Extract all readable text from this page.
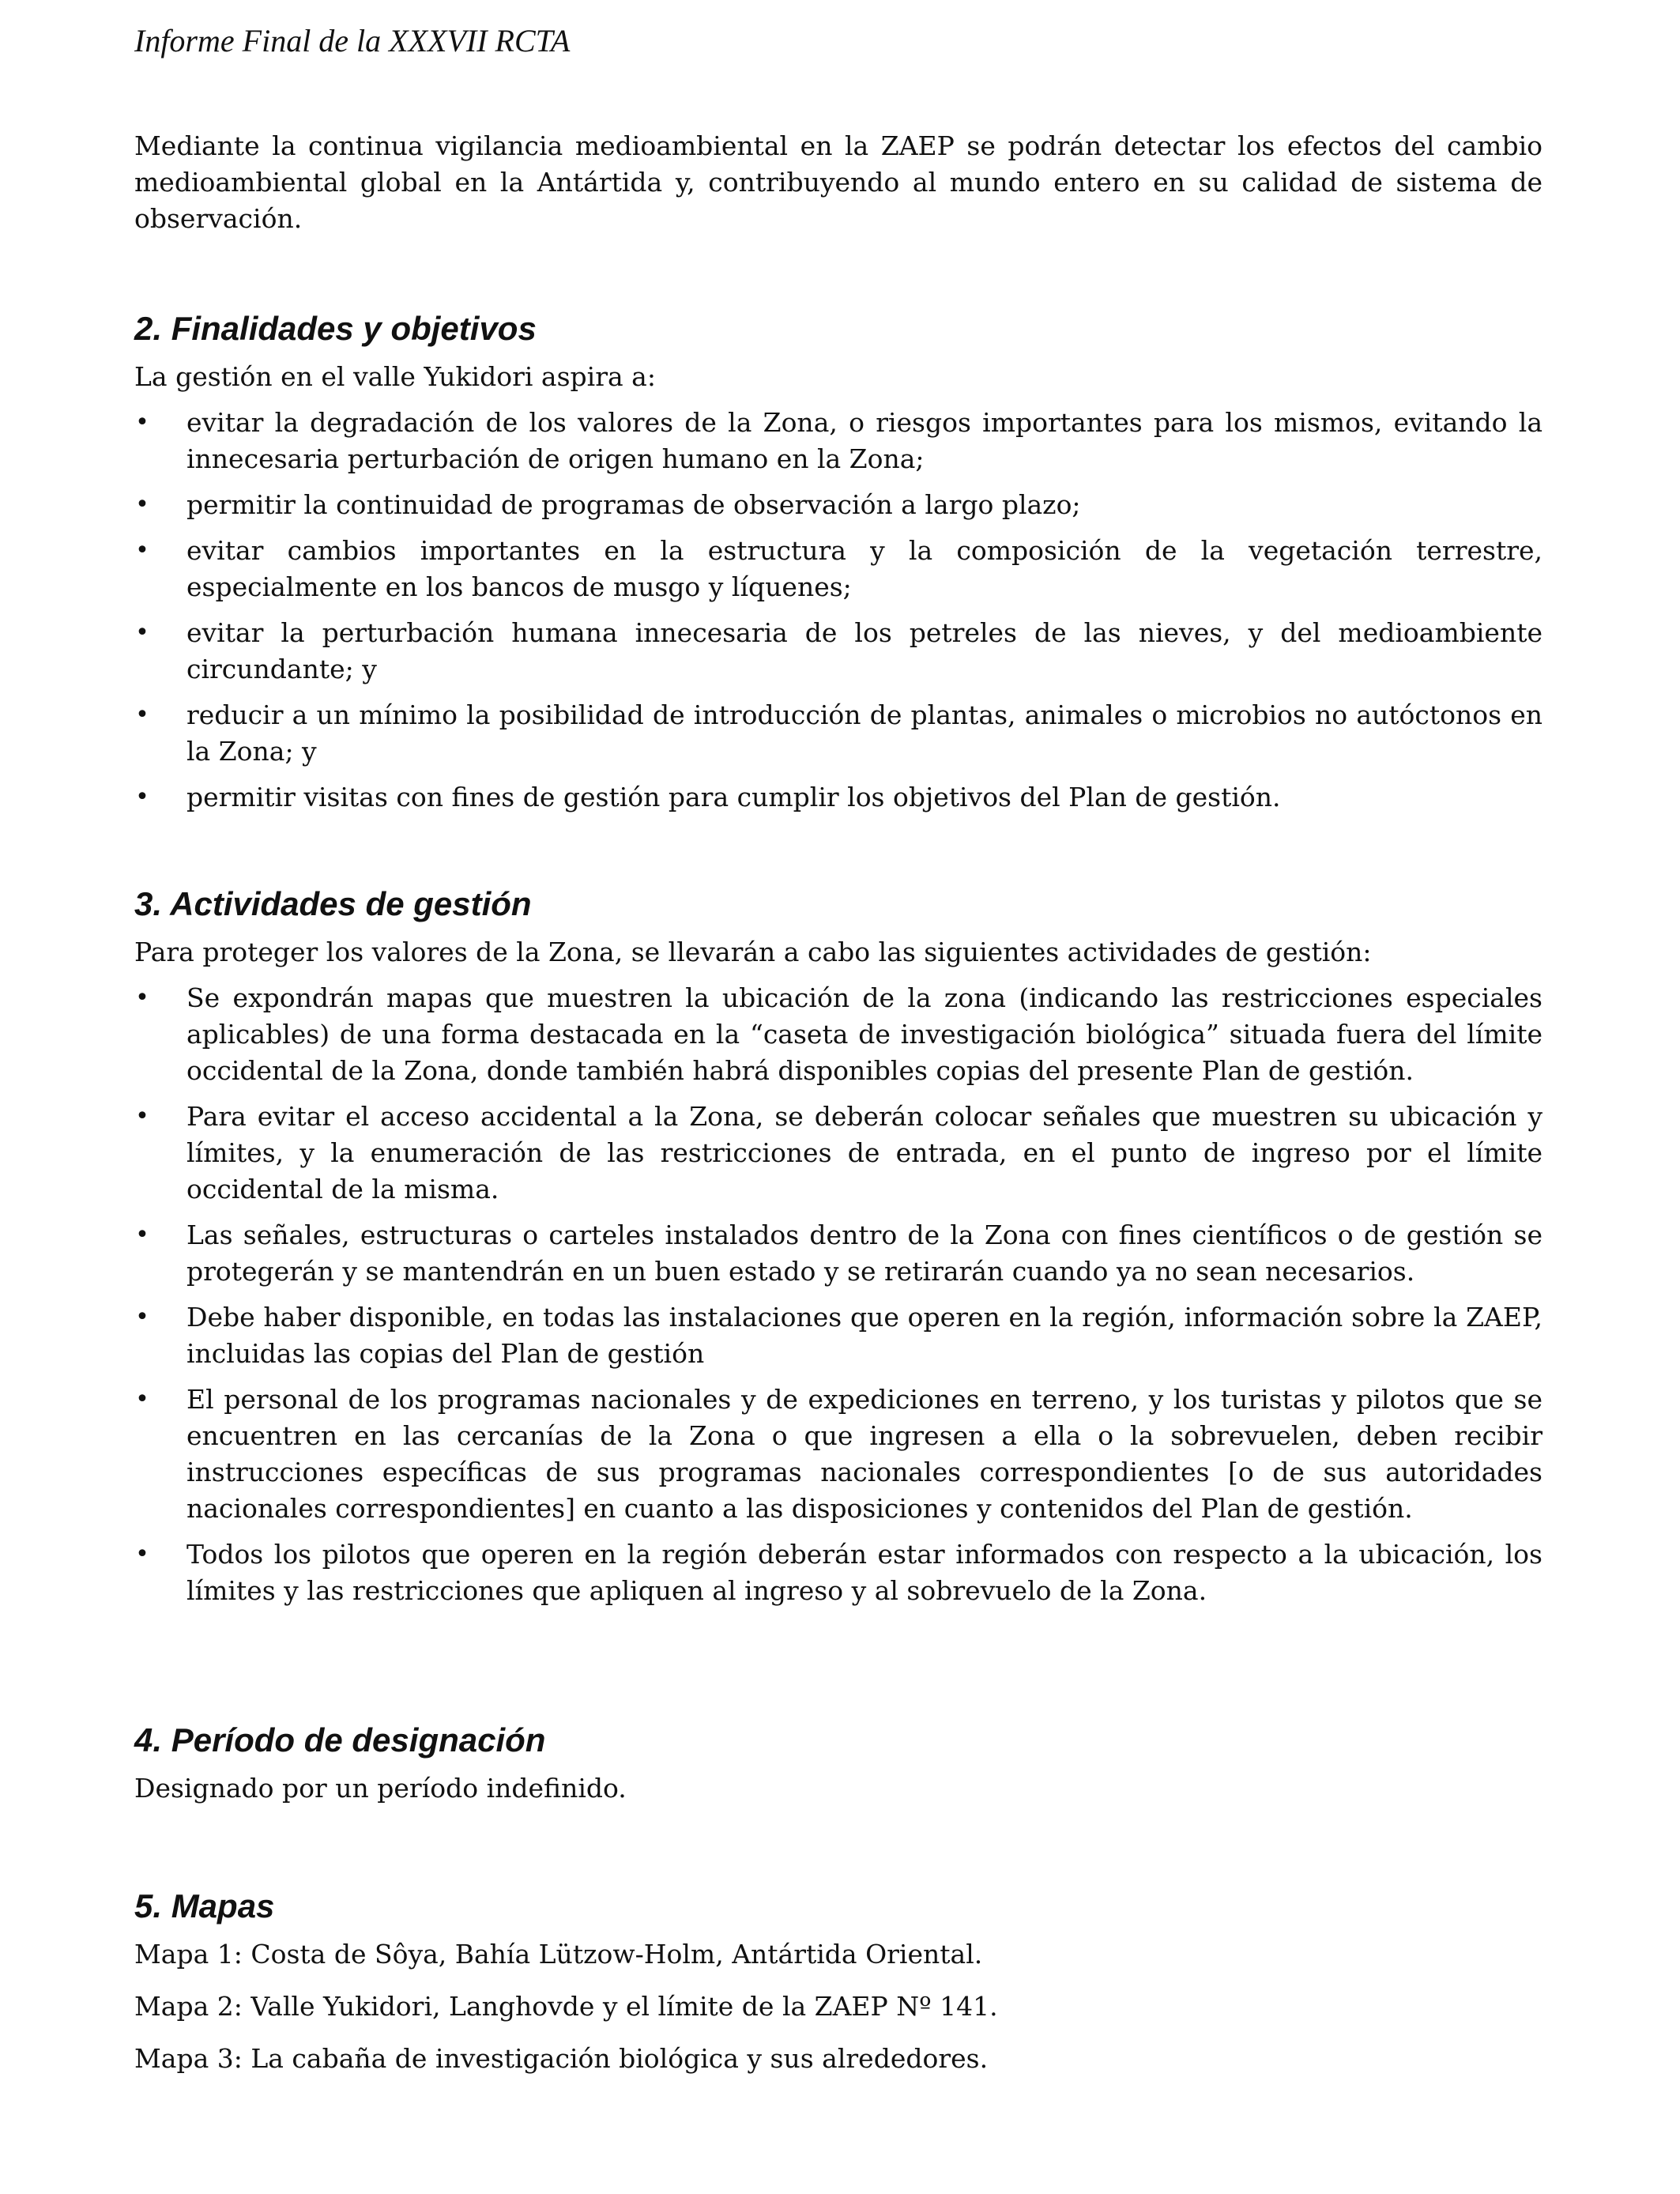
Informe Final de la XXXVII RCTA

Mediante la continua vigilancia medioambiental en la ZAEP se podrán detectar los efectos del cambio medioambiental global en la Antártida y, contribuyendo al mundo entero en su calidad de sistema de observación.

2. Finalidades y objetivos

La gestión en el valle Yukidori aspira a:

• evitar la degradación de los valores de la Zona, o riesgos importantes para los mismos, evitando la innecesaria perturbación de origen humano en la Zona;
• permitir la continuidad de programas de observación a largo plazo;
• evitar cambios importantes en la estructura y la composición de la vegetación terrestre, especialmente en los bancos de musgo y líquenes;
• evitar la perturbación humana innecesaria de los petreles de las nieves, y del medioambiente circundante; y
• reducir a un mínimo la posibilidad de introducción de plantas, animales o microbios no autóctonos en la Zona; y
• permitir visitas con fines de gestión para cumplir los objetivos del Plan de gestión.
3. Actividades de gestión

Para proteger los valores de la Zona, se llevarán a cabo las siguientes actividades de gestión:

• Se expondrán mapas que muestren la ubicación de la zona (indicando las restricciones especiales aplicables) de una forma destacada en la “caseta de investigación biológica” situada fuera del límite occidental de la Zona, donde también habrá disponibles copias del presente Plan de gestión.
• Para evitar el acceso accidental a la Zona, se deberán colocar señales que muestren su ubicación y límites, y la enumeración de las restricciones de entrada, en el punto de ingreso por el límite occidental de la misma.
• Las señales, estructuras o carteles instalados dentro de la Zona con fines científicos o de gestión se protegerán y se mantendrán en un buen estado y se retirarán cuando ya no sean necesarios.
• Debe haber disponible, en todas las instalaciones que operen en la región, información sobre la ZAEP, incluidas las copias del Plan de gestión
• El personal de los programas nacionales y de expediciones en terreno, y los turistas y pilotos que se encuentren en las cercanías de la Zona o que ingresen a ella o la sobrevuelen, deben recibir instrucciones específicas de sus programas nacionales correspondientes [o de sus autoridades nacionales correspondientes] en cuanto a las disposiciones y contenidos del Plan de gestión.
• Todos los pilotos que operen en la región deberán estar informados con respecto a la ubicación, los límites y las restricciones que apliquen al ingreso y al sobrevuelo de la Zona.
4. Período de designación

Designado por un período indefinido.

5. Mapas

Mapa 1: Costa de Sôya, Bahía Lützow-Holm, Antártida Oriental.

Mapa 2: Valle Yukidori, Langhovde y el límite de la ZAEP Nº 141.

Mapa 3: La cabaña de investigación biológica y sus alrededores.
